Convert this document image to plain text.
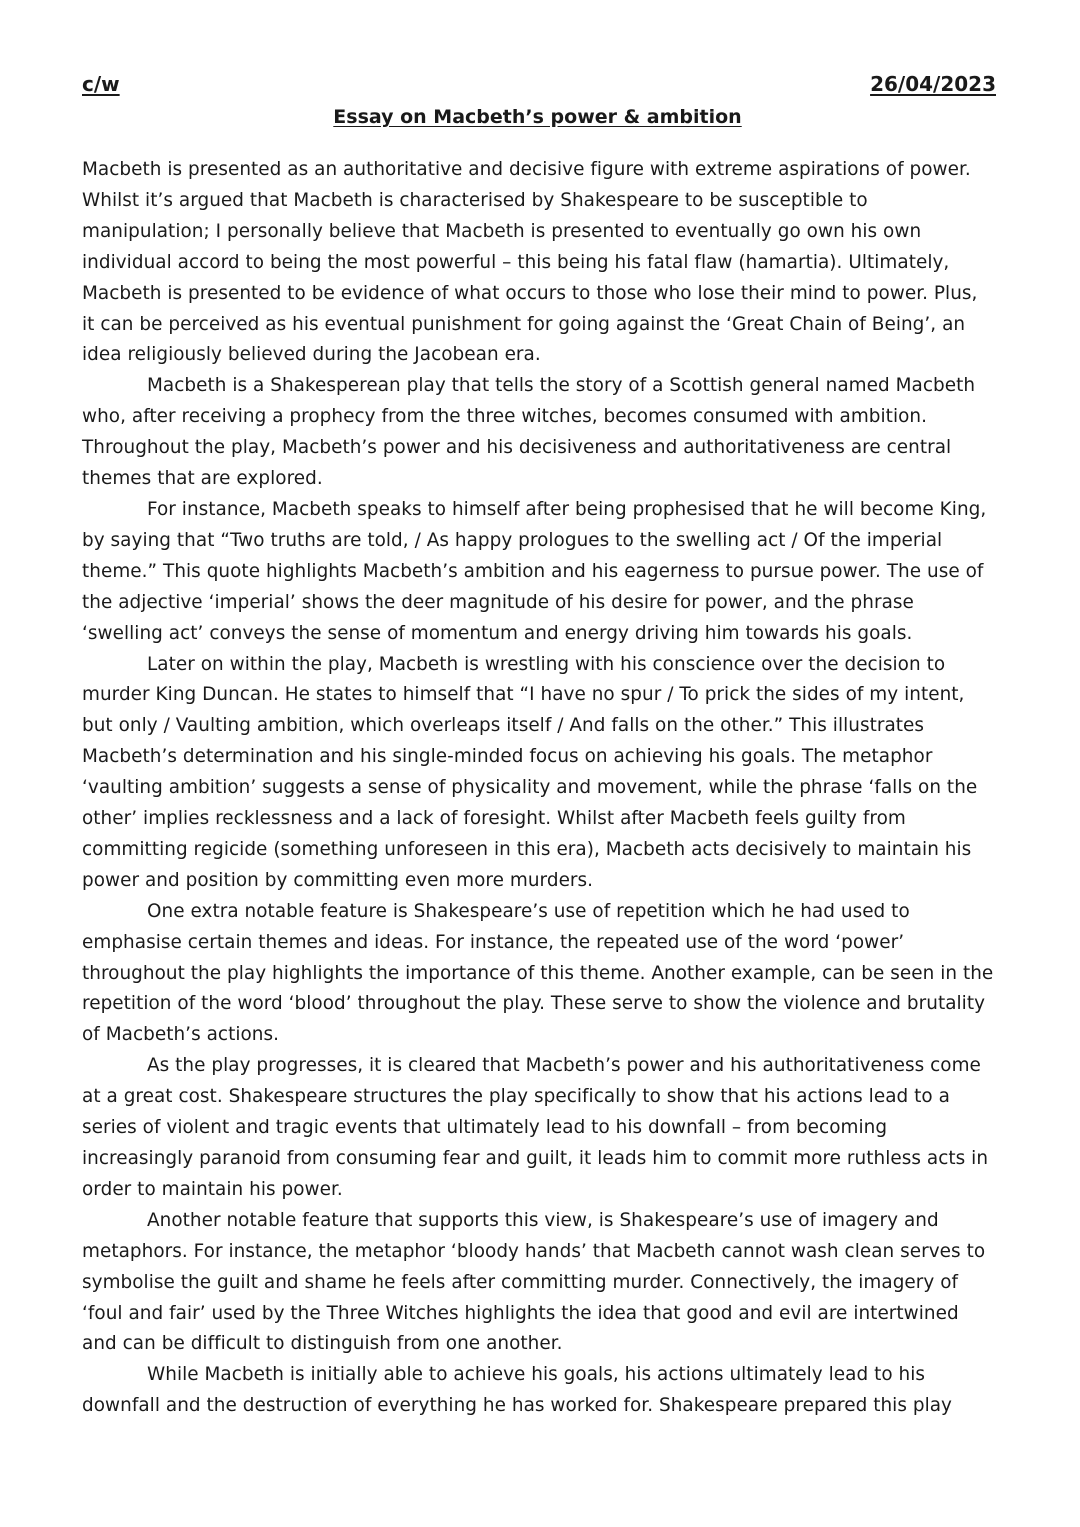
c/w	26/04/2023
Essay on Macbeth’s power & ambition

Macbeth is presented as an authoritative and decisive figure with extreme aspirations of power. Whilst it’s argued that Macbeth is characterised by Shakespeare to be susceptible to manipulation; I personally believe that Macbeth is presented to eventually go own his own individual accord to being the most powerful – this being his fatal flaw (hamartia). Ultimately, Macbeth is presented to be evidence of what occurs to those who lose their mind to power. Plus, it can be perceived as his eventual punishment for going against the ‘Great Chain of Being’, an idea religiously believed during the Jacobean era.

Macbeth is a Shakesperean play that tells the story of a Scottish general named Macbeth who, after receiving a prophecy from the three witches, becomes consumed with ambition. Throughout the play, Macbeth’s power and his decisiveness and authoritativeness are central themes that are explored.

For instance, Macbeth speaks to himself after being prophesised that he will become King, by saying that “Two truths are told, / As happy prologues to the swelling act / Of the imperial theme.” This quote highlights Macbeth’s ambition and his eagerness to pursue power. The use of the adjective ‘imperial’ shows the deer magnitude of his desire for power, and the phrase ‘swelling act’ conveys the sense of momentum and energy driving him towards his goals.

Later on within the play, Macbeth is wrestling with his conscience over the decision to murder King Duncan. He states to himself that “I have no spur / To prick the sides of my intent, but only / Vaulting ambition, which overleaps itself / And falls on the other.” This illustrates Macbeth’s determination and his single-minded focus on achieving his goals. The metaphor ‘vaulting ambition’ suggests a sense of physicality and movement, while the phrase ‘falls on the other’ implies recklessness and a lack of foresight. Whilst after Macbeth feels guilty from committing regicide (something unforeseen in this era), Macbeth acts decisively to maintain his power and position by committing even more murders.

One extra notable feature is Shakespeare’s use of repetition which he had used to emphasise certain themes and ideas. For instance, the repeated use of the word ‘power’ throughout the play highlights the importance of this theme. Another example, can be seen in the repetition of the word ‘blood’ throughout the play. These serve to show the violence and brutality of Macbeth’s actions.

As the play progresses, it is cleared that Macbeth’s power and his authoritativeness come at a great cost. Shakespeare structures the play specifically to show that his actions lead to a series of violent and tragic events that ultimately lead to his downfall – from becoming increasingly paranoid from consuming fear and guilt, it leads him to commit more ruthless acts in order to maintain his power.

Another notable feature that supports this view, is Shakespeare’s use of imagery and metaphors. For instance, the metaphor ‘bloody hands’ that Macbeth cannot wash clean serves to symbolise the guilt and shame he feels after committing murder. Connectively, the imagery of ‘foul and fair’ used by the Three Witches highlights the idea that good and evil are intertwined and can be difficult to distinguish from one another.

While Macbeth is initially able to achieve his goals, his actions ultimately lead to his downfall and the destruction of everything he has worked for. Shakespeare prepared this play
